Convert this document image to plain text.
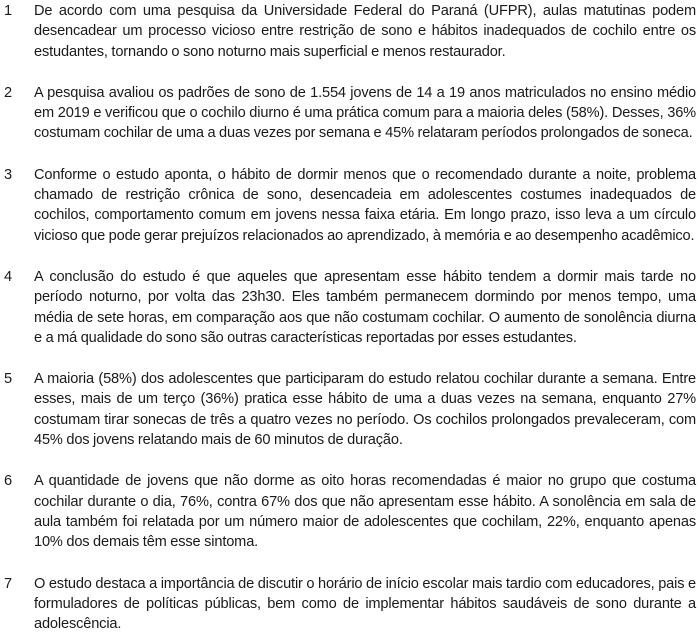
1	De acordo com uma pesquisa da Universidade Federal do Paraná (UFPR), aulas matutinas podem desencadear um processo vicioso entre restrição de sono e hábitos inadequados de cochilo entre os estudantes, tornando o sono noturno mais superficial e menos restaurador.
2	A pesquisa avaliou os padrões de sono de 1.554 jovens de 14 a 19 anos matriculados no ensino médio em 2019 e verificou que o cochilo diurno é uma prática comum para a maioria deles (58%). Desses, 36% costumam cochilar de uma a duas vezes por semana e 45% relataram períodos prolongados de soneca.
3	Conforme o estudo aponta, o hábito de dormir menos que o recomendado durante a noite, problema chamado de restrição crônica de sono, desencadeia em adolescentes costumes inadequados de cochilos, comportamento comum em jovens nessa faixa etária. Em longo prazo, isso leva a um círculo vicioso que pode gerar prejuízos relacionados ao aprendizado, à memória e ao desempenho acadêmico.
4	A conclusão do estudo é que aqueles que apresentam esse hábito tendem a dormir mais tarde no período noturno, por volta das 23h30. Eles também permanecem dormindo por menos tempo, uma média de sete horas, em comparação aos que não costumam cochilar. O aumento de sonolência diurna e a má qualidade do sono são outras características reportadas por esses estudantes.
5	A maioria (58%) dos adolescentes que participaram do estudo relatou cochilar durante a semana. Entre esses, mais de um terço (36%) pratica esse hábito de uma a duas vezes na semana, enquanto 27% costumam tirar sonecas de três a quatro vezes no período. Os cochilos prolongados prevaleceram, com 45% dos jovens relatando mais de 60 minutos de duração.
6	A quantidade de jovens que não dorme as oito horas recomendadas é maior no grupo que costuma cochilar durante o dia, 76%, contra 67% dos que não apresentam esse hábito. A sonolência em sala de aula também foi relatada por um número maior de adolescentes que cochilam, 22%, enquanto apenas 10% dos demais têm esse sintoma.
7	O estudo destaca a importância de discutir o horário de início escolar mais tardio com educadores, pais e formuladores de políticas públicas, bem como de implementar hábitos saudáveis de sono durante a adolescência.
